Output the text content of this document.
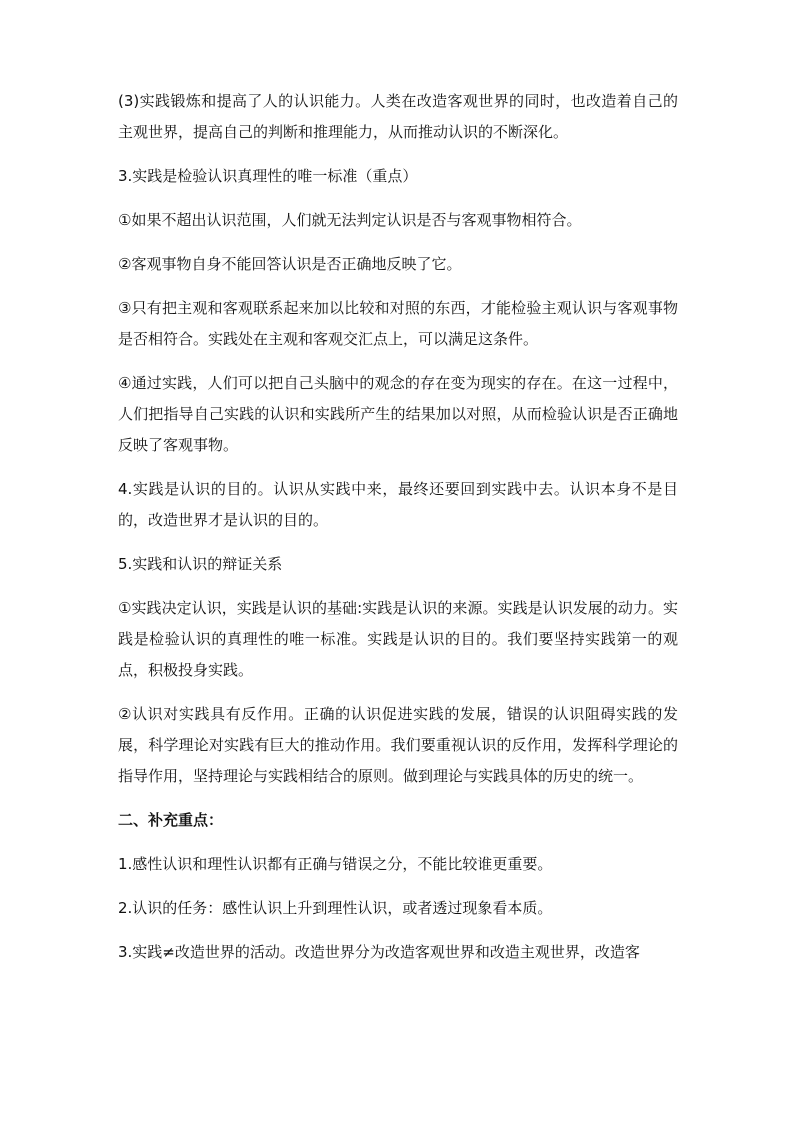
(3)实践锻炼和提高了人的认识能力。人类在改造客观世界的同时，也改造着自己的主观世界，提高自己的判断和推理能力，从而推动认识的不断深化。

3.实践是检验认识真理性的唯一标准（重点）

①如果不超出认识范围，人们就无法判定认识是否与客观事物相符合。

②客观事物自身不能回答认识是否正确地反映了它。

③只有把主观和客观联系起来加以比较和对照的东西，才能检验主观认识与客观事物是否相符合。实践处在主观和客观交汇点上，可以满足这条件。

④通过实践，人们可以把自己头脑中的观念的存在变为现实的存在。在这一过程中，人们把指导自己实践的认识和实践所产生的结果加以对照，从而检验认识是否正确地反映了客观事物。

4.实践是认识的目的。认识从实践中来，最终还要回到实践中去。认识本身不是目的，改造世界才是认识的目的。

5.实践和认识的辩证关系

①实践决定认识，实践是认识的基础:实践是认识的来源。实践是认识发展的动力。实践是检验认识的真理性的唯一标准。实践是认识的目的。我们要坚持实践第一的观点，积极投身实践。

②认识对实践具有反作用。正确的认识促进实践的发展，错误的认识阻碍实践的发展，科学理论对实践有巨大的推动作用。我们要重视认识的反作用，发挥科学理论的指导作用，坚持理论与实践相结合的原则。做到理论与实践具体的历史的统一。

二、补充重点：

1.感性认识和理性认识都有正确与错误之分，不能比较谁更重要。

2.认识的任务：感性认识上升到理性认识，或者透过现象看本质。

3.实践≠改造世界的活动。改造世界分为改造客观世界和改造主观世界，改造客
